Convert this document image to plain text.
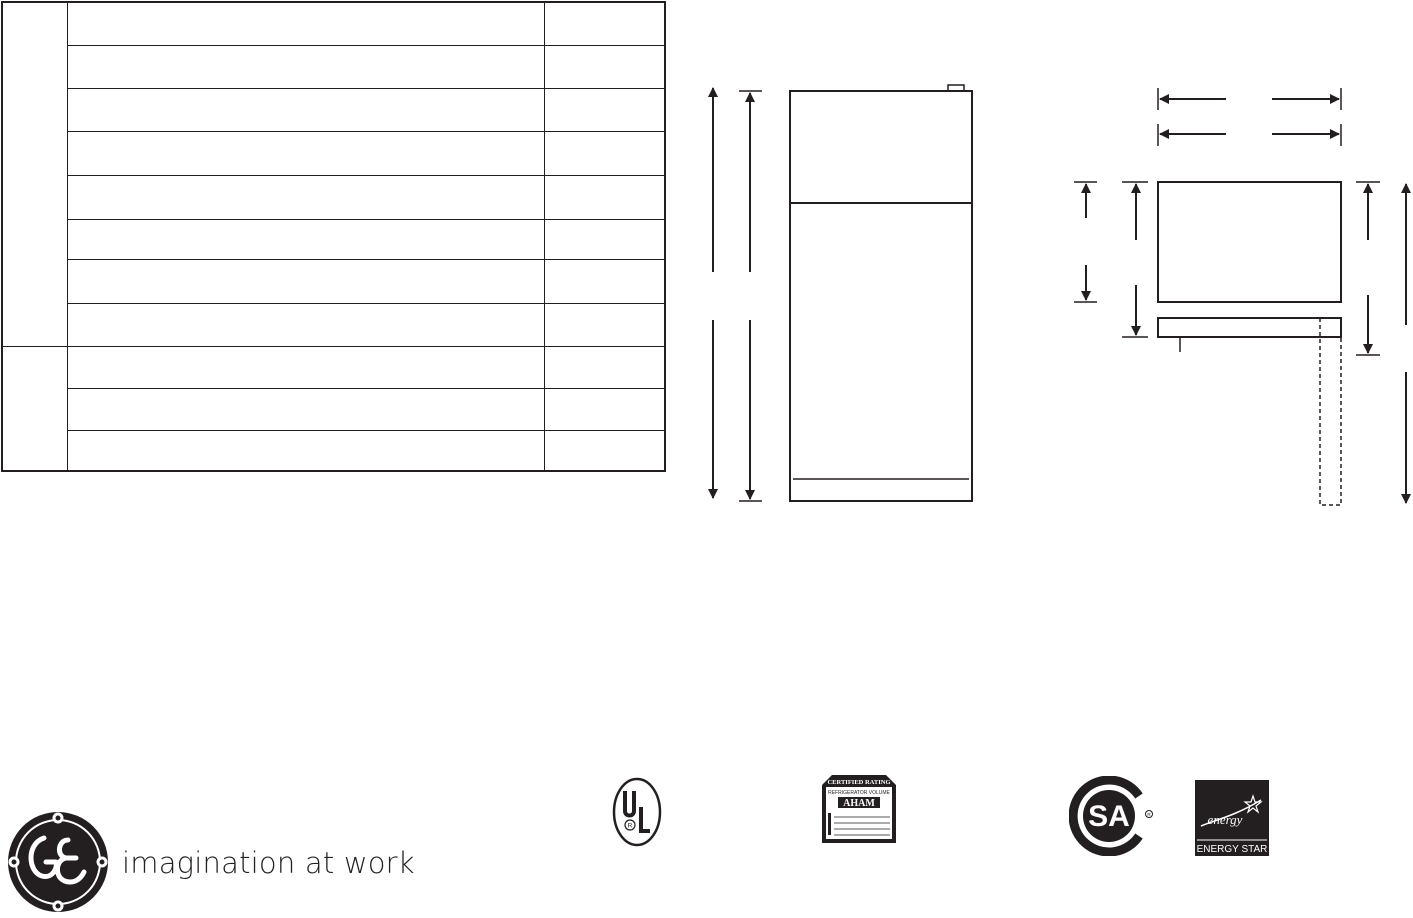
imagination at work
R
CERTIFIED RATING
REFRIGERATOR VOLUME
AHAM	SA	R	energy
ENERGY STAR
